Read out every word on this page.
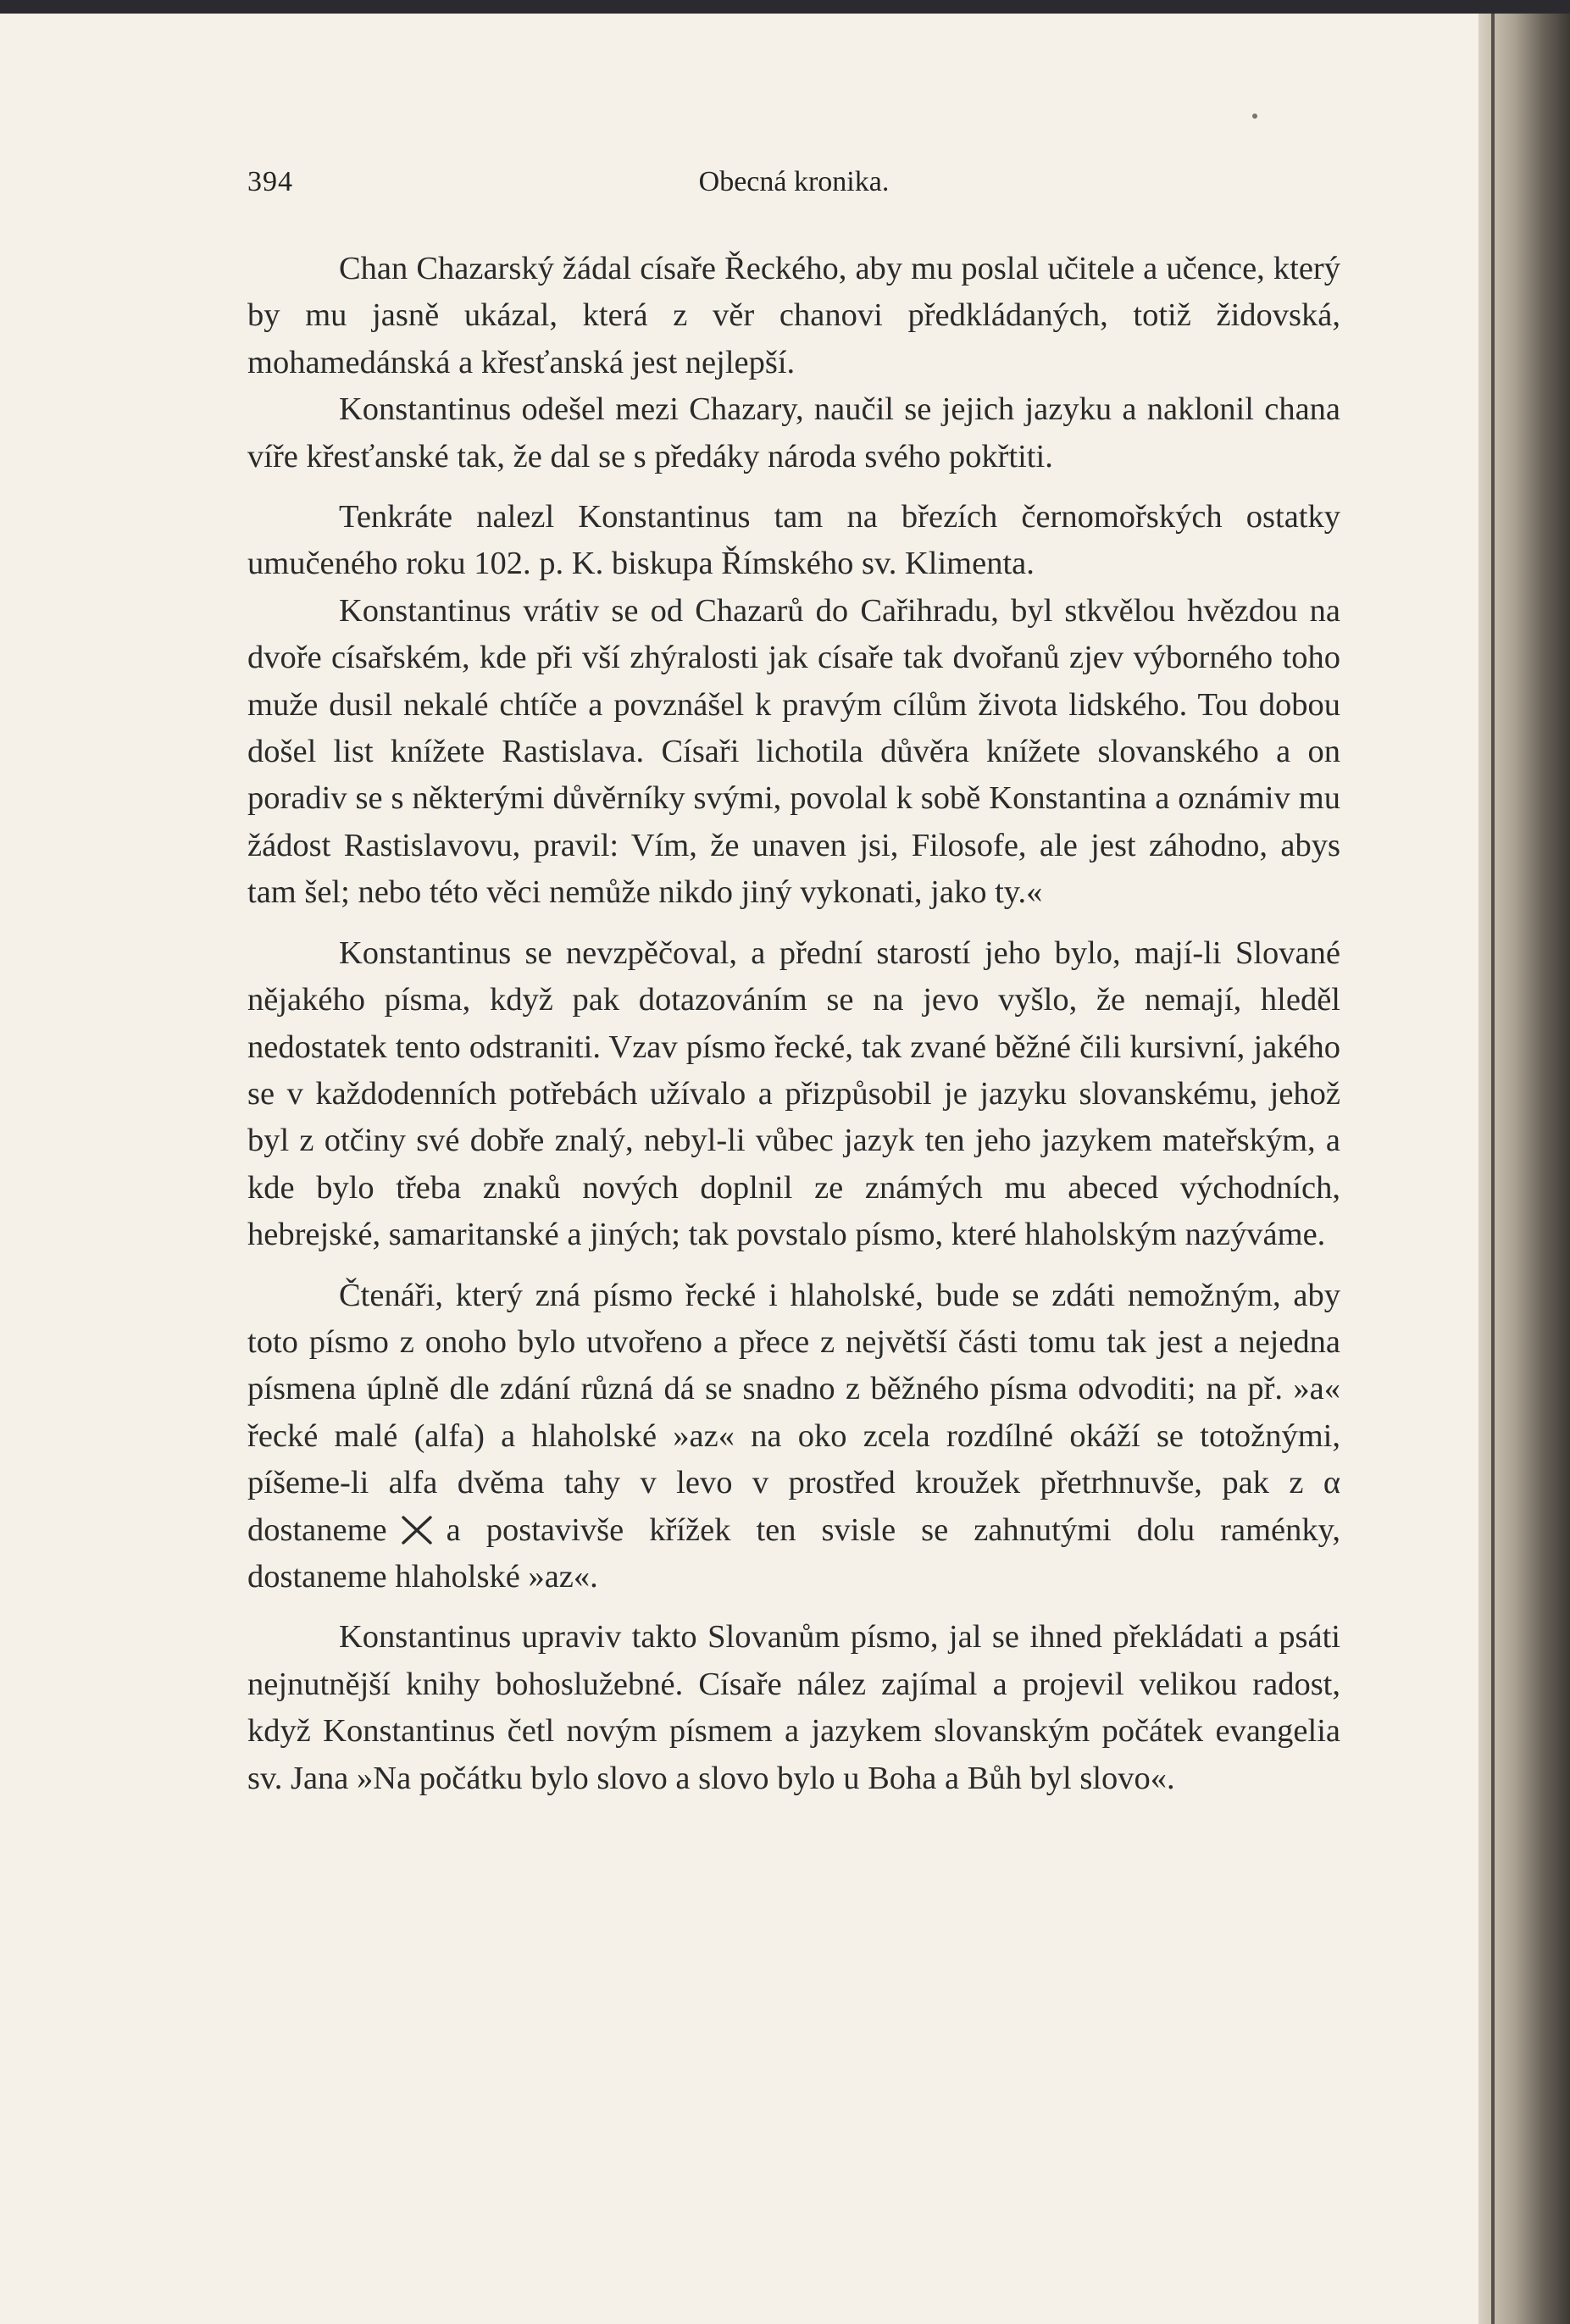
394	Obecná kronika.

Chan Chazarský žádal císaře Řeckého, aby mu poslal učitele a učence, který by mu jasně ukázal, která z věr chanovi předkládaných, totiž židovská, mohamedánská a křesťanská jest nejlepší.

Konstantinus odešel mezi Chazary, naučil se jejich jazyku a naklonil chana víře křesťanské tak, že dal se s předáky národa svého pokřtiti.

Tenkráte nalezl Konstantinus tam na březích černomořských ostatky umučeného roku 102. p. K. biskupa Římského sv. Klimenta.

Konstantinus vrátiv se od Chazarů do Cařihradu, byl stkvělou hvězdou na dvoře císařském, kde při vší zhýralosti jak císaře tak dvořanů zjev výborného toho muže dusil nekalé chtíče a povznášel k pravým cílům života lidského. Tou dobou došel list knížete Rastislava. Císaři lichotila důvěra knížete slovanského a on poradiv se s některými důvěrníky svými, povolal k sobě Konstantina a oznámiv mu žádost Rastislavovu, pravil: Vím, že unaven jsi, Filosofe, ale jest záhodno, abys tam šel; nebo této věci nemůže nikdo jiný vykonati, jako ty.«

Konstantinus se nevzpěčoval, a přední starostí jeho bylo, mají-li Slované nějakého písma, když pak dotazováním se na jevo vyšlo, že nemají, hleděl nedostatek tento odstraniti. Vzav písmo řecké, tak zvané běžné čili kursivní, jakého se v každodenních potřebách užívalo a přizpůsobil je jazyku slovanskému, jehož byl z otčiny své dobře znalý, nebyl-li vůbec jazyk ten jeho jazykem mateřským, a kde bylo třeba znaků nových doplnil ze známých mu abeced východních, hebrejské, samaritanské a jiných; tak povstalo písmo, které hlaholským nazýváme.

Čtenáři, který zná písmo řecké i hlaholské, bude se zdáti nemožným, aby toto písmo z onoho bylo utvořeno a přece z největší části tomu tak jest a nejedna písmena úplně dle zdání různá dá se snadno z běžného písma odvoditi; na př. »a« řecké malé (alfa) a hlaholské »az« na oko zcela rozdílné okáží se totožnými, píšeme-li alfa dvěma tahy v levo v prostřed kroužek přetrhnuvše, pak z α dostaneme a postavivše křížek ten svisle se zahnutými dolu raménky, dostaneme hlaholské »az«.

Konstantinus upraviv takto Slovanům písmo, jal se ihned překládati a psáti nejnutnější knihy bohoslužebné. Císaře nález zajímal a projevil velikou radost, když Konstantinus četl novým písmem a jazykem slovanským počátek evangelia sv. Jana »Na počátku bylo slovo a slovo bylo u Boha a Bůh byl slovo«.
